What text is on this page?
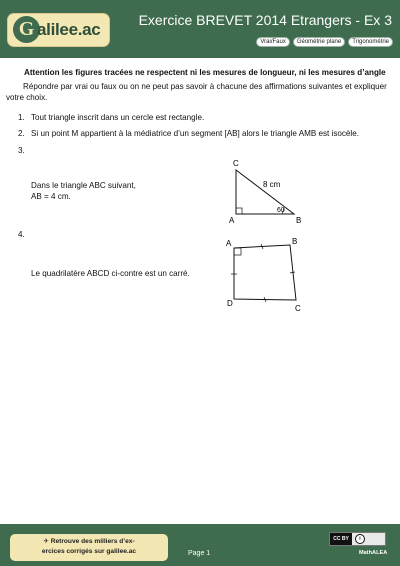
G alilee.ac	Exercice BREVET 2014 Etrangers - Ex 3
Vrai/Faux	Géométrie plane	Trigonométrie
Attention les figures tracées ne respectent ni les mesures de longueur, ni les mesures d’angle
Répondre par vrai ou faux ou on ne peut pas savoir à chacune des affirmations suivantes et expliquer votre choix.
1. Tout triangle inscrit dans un cercle est rectangle.
2. Si un point M appartient à la médiatrice d’un segment [AB] alors le triangle AMB est isocèle.
3.
Dans le triangle ABC suivant,
AB = 4 cm.
C
A	B
8 cm
60
4.
Le quadrilatère ABCD ci-contre est un carré.
A	B
C
D
✈ Retrouve des milliers d’ex-
ercices corrigés sur galilee.ac	Page 1
CC BY	i
MathALEA
